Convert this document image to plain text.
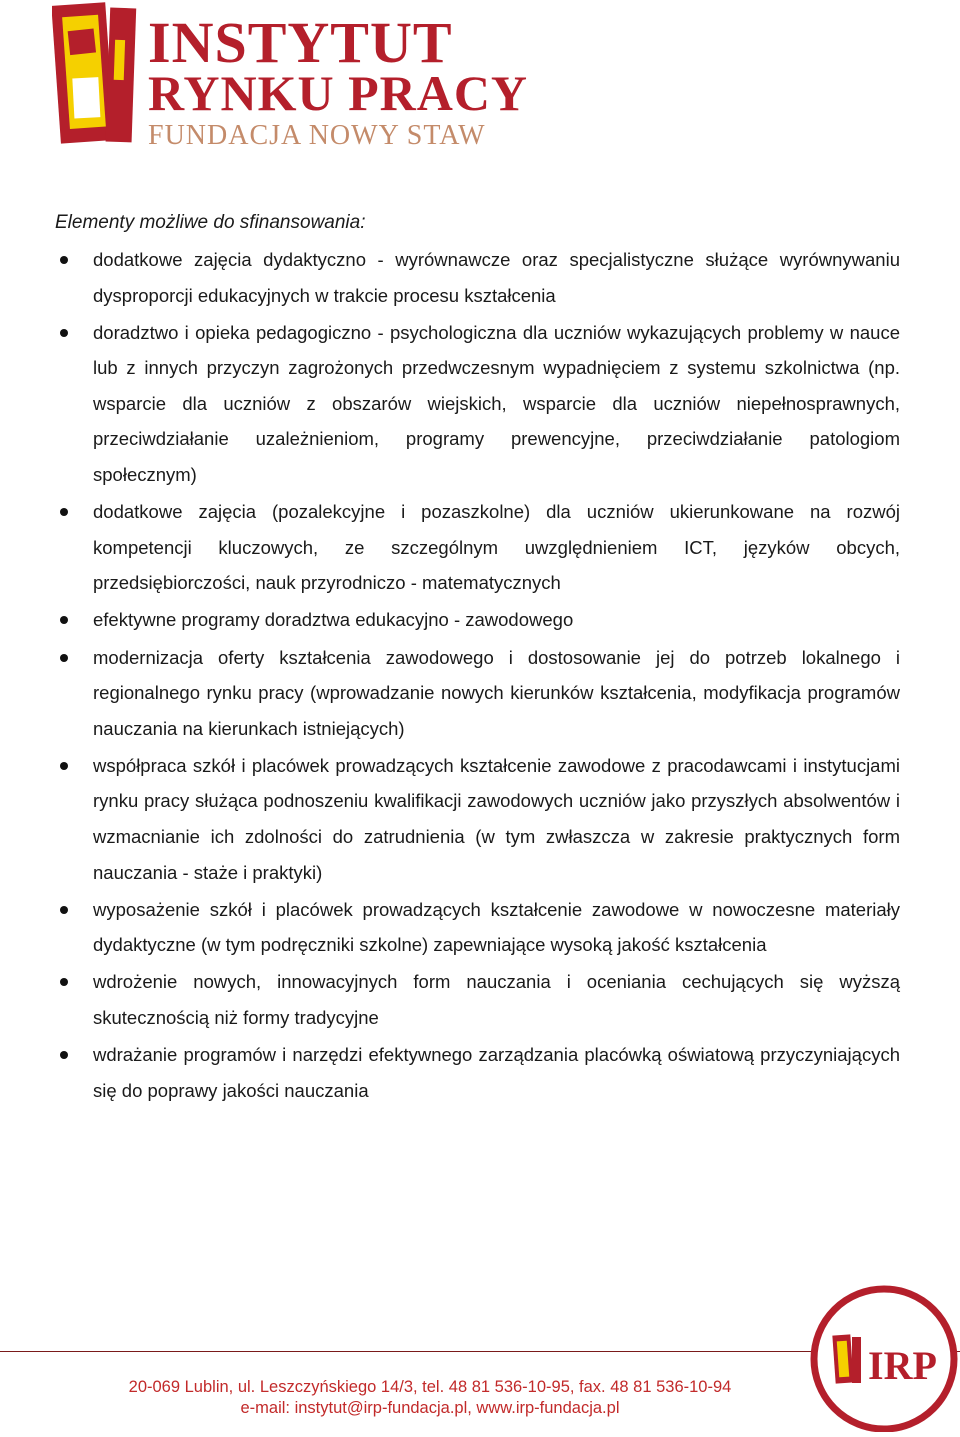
INSTYTUT
RYNKU PRACY
FUNDACJA NOWY STAW

Elementy możliwe do sfinansowania:

dodatkowe zajęcia dydaktyczno - wyrównawcze oraz specjalistyczne służące wyrównywaniu dysproporcji edukacyjnych w trakcie procesu kształcenia
doradztwo i opieka pedagogiczno - psychologiczna dla uczniów wykazujących problemy w nauce lub z innych przyczyn zagrożonych przedwczesnym wypadnięciem z systemu szkolnictwa (np. wsparcie dla uczniów z obszarów wiejskich, wsparcie dla uczniów niepełnosprawnych, przeciwdziałanie uzależnieniom, programy prewencyjne, przeciwdziałanie patologiom społecznym)
dodatkowe zajęcia (pozalekcyjne i pozaszkolne) dla uczniów ukierunkowane na rozwój kompetencji kluczowych, ze szczególnym uwzględnieniem ICT, języków obcych, przedsiębiorczości, nauk przyrodniczo - matematycznych
efektywne programy doradztwa edukacyjno - zawodowego
modernizacja oferty kształcenia zawodowego i dostosowanie jej do potrzeb lokalnego i regionalnego rynku pracy (wprowadzanie nowych kierunków kształcenia, modyfikacja programów nauczania na kierunkach istniejących)
współpraca szkół i placówek prowadzących kształcenie zawodowe z pracodawcami i instytucjami rynku pracy służąca podnoszeniu kwalifikacji zawodowych uczniów jako przyszłych absolwentów i wzmacnianie ich zdolności do zatrudnienia (w tym zwłaszcza w zakresie praktycznych form nauczania - staże i praktyki)
wyposażenie szkół i placówek prowadzących kształcenie zawodowe w nowoczesne materiały dydaktyczne (w tym podręczniki szkolne) zapewniające wysoką jakość kształcenia
wdrożenie nowych, innowacyjnych form nauczania i oceniania cechujących się wyższą skutecznością niż formy tradycyjne
wdrażanie programów i narzędzi efektywnego zarządzania placówką oświatową przyczyniających się do poprawy jakości nauczania
20-069 Lublin, ul. Leszczyńskiego 14/3, tel. 48 81 536-10-95, fax. 48 81 536-10-94
e-mail: instytut@irp-fundacja.pl, www.irp-fundacja.pl
IRP
